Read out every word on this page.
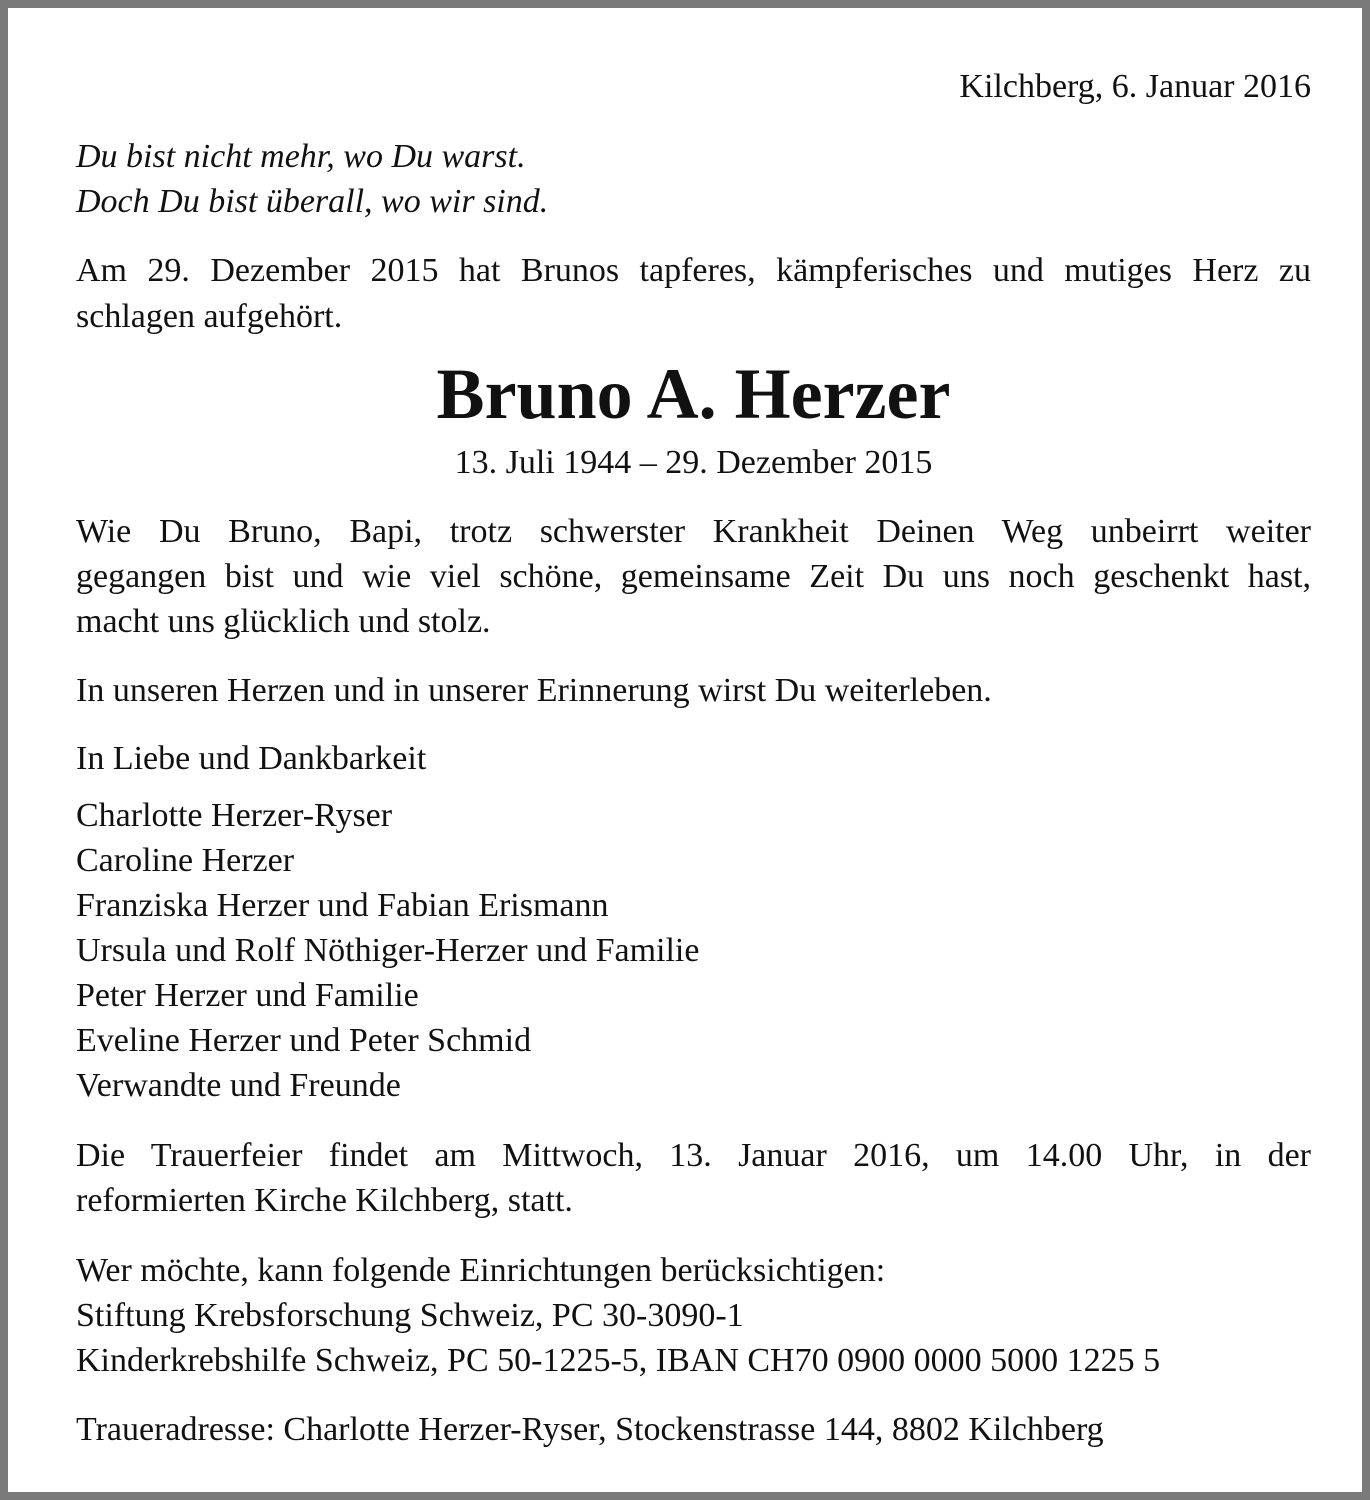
Kilchberg, 6. Januar 2016
Du bist nicht mehr, wo Du warst.
Doch Du bist überall, wo wir sind.
Am 29. Dezember 2015 hat Brunos tapferes, kämpferisches und mutiges Herz zu
schlagen aufgehört.
Bruno A. Herzer
13. Juli 1944 – 29. Dezember 2015
Wie Du Bruno, Bapi, trotz schwerster Krankheit Deinen Weg unbeirrt weiter
gegangen bist und wie viel schöne, gemeinsame Zeit Du uns noch geschenkt hast,
macht uns glücklich und stolz.
In unseren Herzen und in unserer Erinnerung wirst Du weiterleben.
In Liebe und Dankbarkeit
Charlotte Herzer-Ryser
Caroline Herzer
Franziska Herzer und Fabian Erismann
Ursula und Rolf Nöthiger-Herzer und Familie
Peter Herzer und Familie
Eveline Herzer und Peter Schmid
Verwandte und Freunde
Die Trauerfeier findet am Mittwoch, 13. Januar 2016, um 14.00 Uhr, in der
reformierten Kirche Kilchberg, statt.
Wer möchte, kann folgende Einrichtungen berücksichtigen:
Stiftung Krebsforschung Schweiz, PC 30-3090-1
Kinderkrebshilfe Schweiz, PC 50-1225-5, IBAN CH70 0900 0000 5000 1225 5
Traueradresse: Charlotte Herzer-Ryser, Stockenstrasse 144, 8802 Kilchberg
